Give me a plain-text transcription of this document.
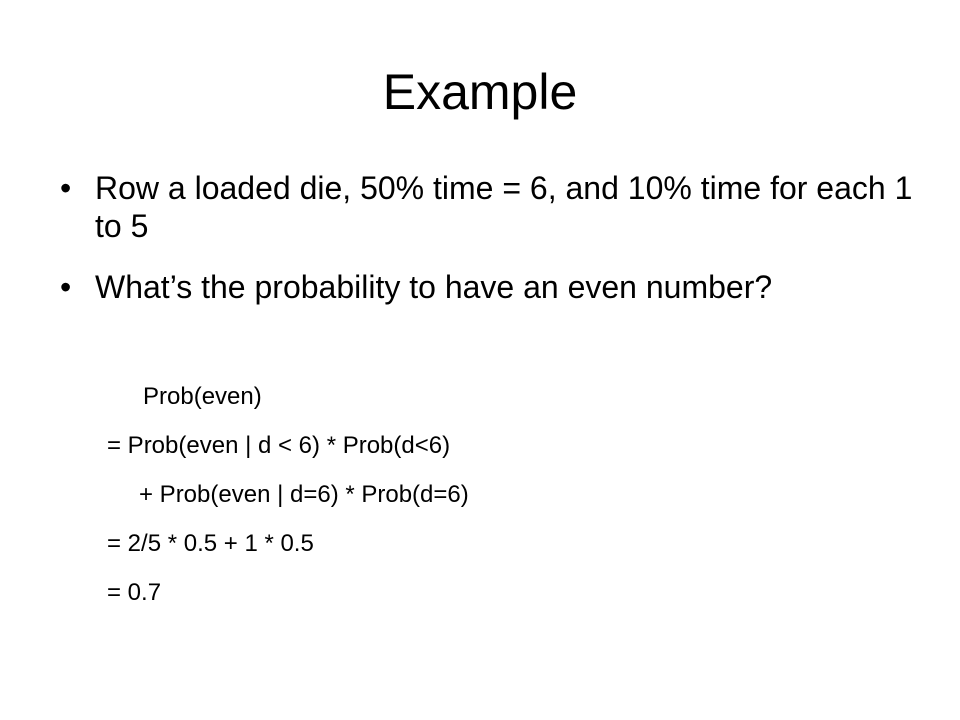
Example
• Row a loaded die, 50% time = 6, and 10% time for each 1 to 5
• What’s the probability to have an even number?
Prob(even)
= Prob(even | d < 6) * Prob(d<6)
+ Prob(even | d=6) * Prob(d=6)
= 2/5 * 0.5 + 1 * 0.5
= 0.7
